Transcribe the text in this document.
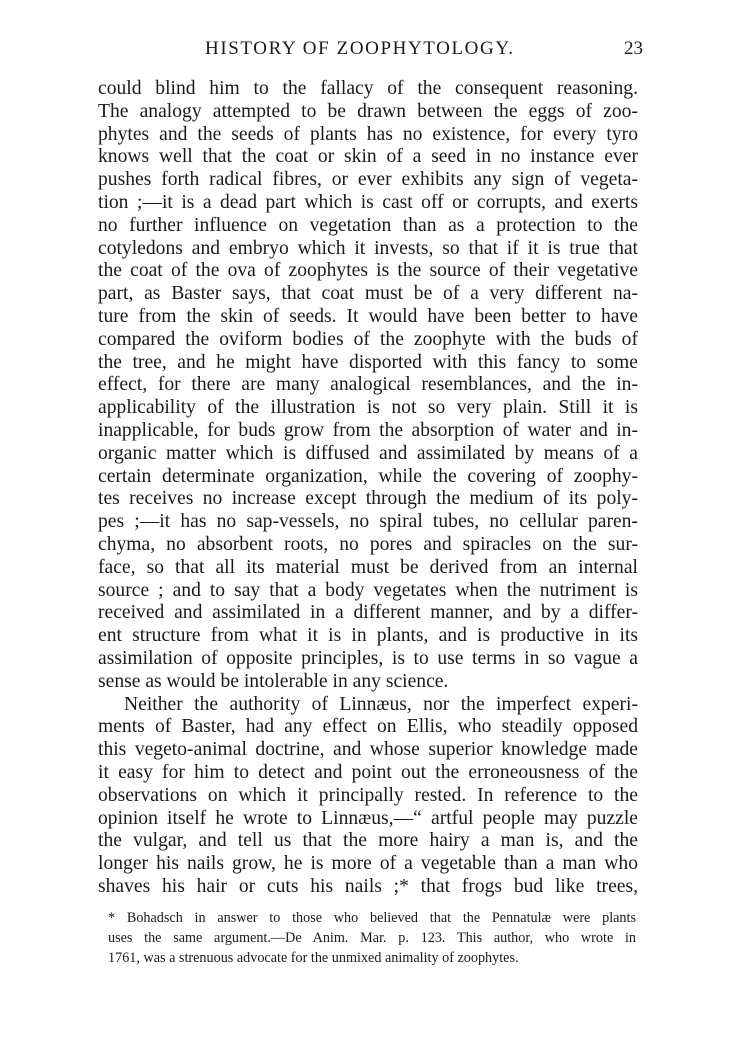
HISTORY OF ZOOPHYTOLOGY.	23
could blind him to the fallacy of the consequent reasoning.
The analogy attempted to be drawn between the eggs of zoo-
phytes and the seeds of plants has no existence, for every tyro
knows well that the coat or skin of a seed in no instance ever
pushes forth radical fibres, or ever exhibits any sign of vegeta-
tion ;—it is a dead part which is cast off or corrupts, and exerts
no further influence on vegetation than as a protection to the
cotyledons and embryo which it invests, so that if it is true that
the coat of the ova of zoophytes is the source of their vegetative
part, as Baster says, that coat must be of a very different na-
ture from the skin of seeds. It would have been better to have
compared the oviform bodies of the zoophyte with the buds of
the tree, and he might have disported with this fancy to some
effect, for there are many analogical resemblances, and the in-
applicability of the illustration is not so very plain. Still it is
inapplicable, for buds grow from the absorption of water and in-
organic matter which is diffused and assimilated by means of a
certain determinate organization, while the covering of zoophy-
tes receives no increase except through the medium of its poly-
pes ;—it has no sap-vessels, no spiral tubes, no cellular paren-
chyma, no absorbent roots, no pores and spiracles on the sur-
face, so that all its material must be derived from an internal
source ; and to say that a body vegetates when the nutriment is
received and assimilated in a different manner, and by a differ-
ent structure from what it is in plants, and is productive in its
assimilation of opposite principles, is to use terms in so vague a
sense as would be intolerable in any science.
Neither the authority of Linnæus, nor the imperfect experi-
ments of Baster, had any effect on Ellis, who steadily opposed
this vegeto-animal doctrine, and whose superior knowledge made
it easy for him to detect and point out the erroneousness of the
observations on which it principally rested. In reference to the
opinion itself he wrote to Linnæus,—“ artful people may puzzle
the vulgar, and tell us that the more hairy a man is, and the
longer his nails grow, he is more of a vegetable than a man who
shaves his hair or cuts his nails ;* that frogs bud like trees,
* Bohadsch in answer to those who believed that the Pennatulæ were plants
uses the same argument.—De Anim. Mar. p. 123. This author, who wrote in
1761, was a strenuous advocate for the unmixed animality of zoophytes.
